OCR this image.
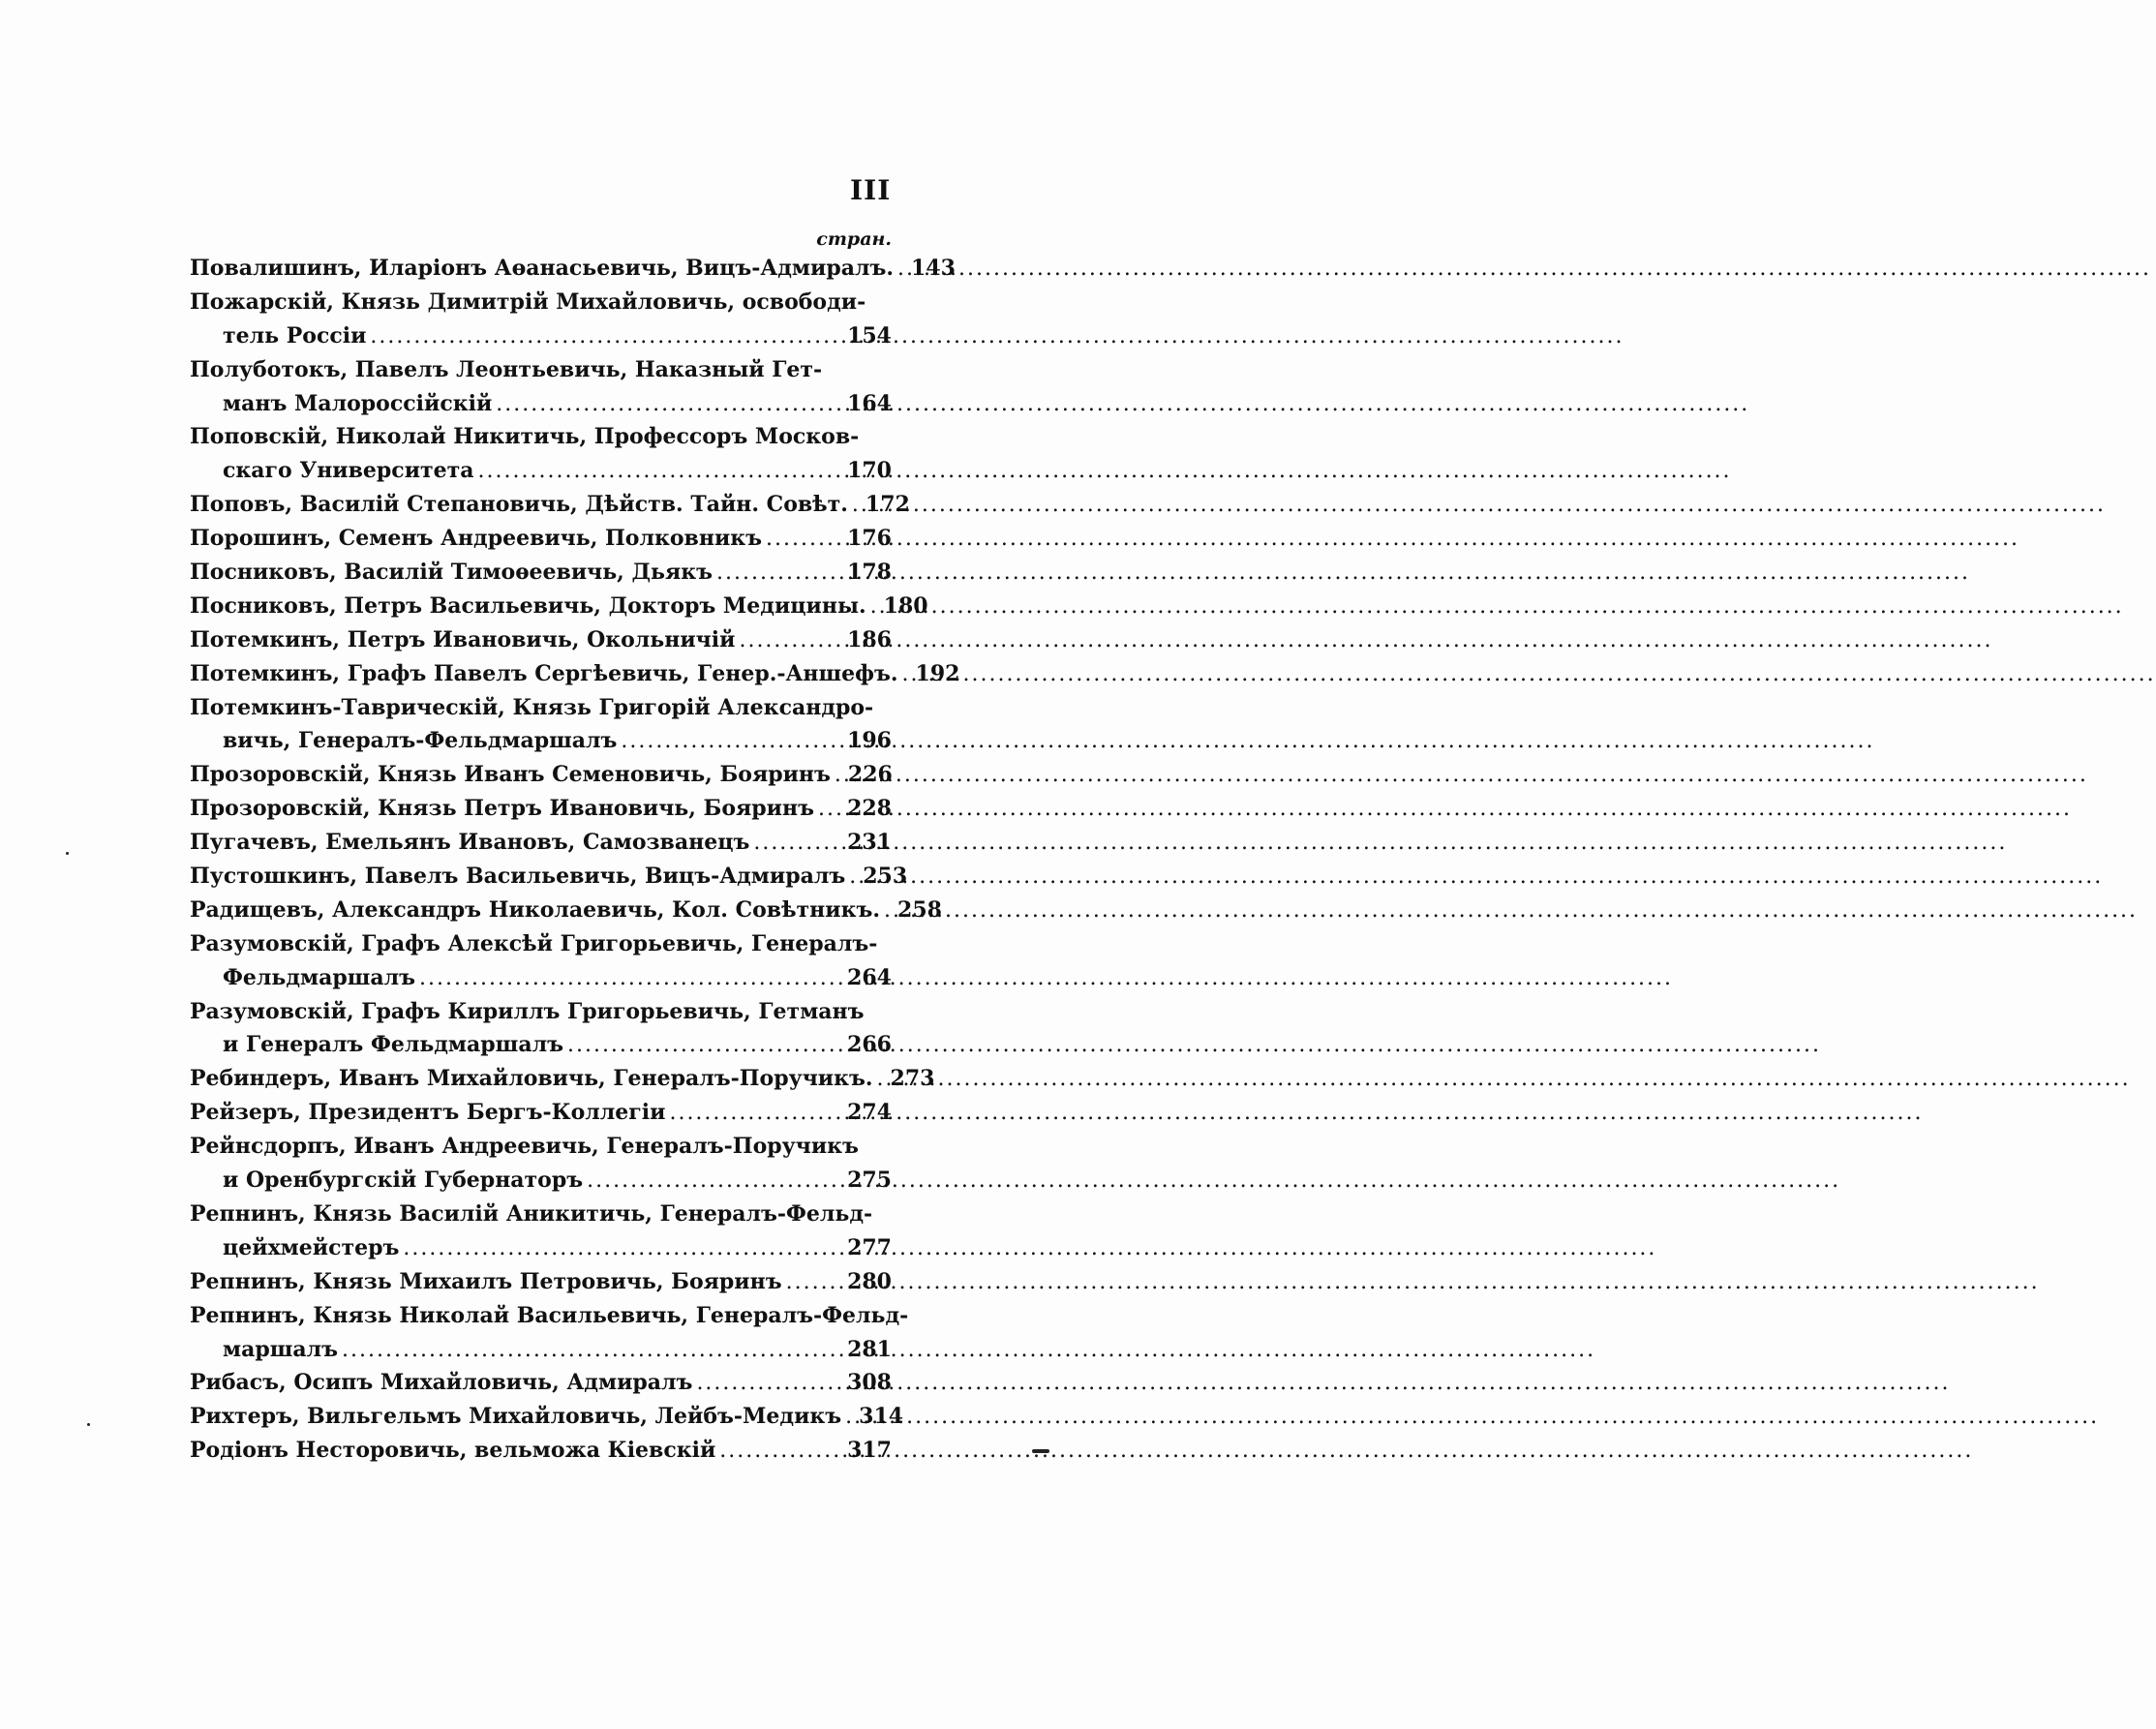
III
стран.
Повалишинъ, Иларіонъ Аөанасьевичь, Вицъ-Адмиралъ. ..... 143
Пожарскій, Князь Димитрій Михайловичь, освободи-
тель Россіи .....	154
Полуботокъ, Павелъ Леонтьевичь, Наказный Гет-
манъ Малороссійскій .....	164
Поповскій, Николай Никитичь, Профессоръ Москов-
скаго Университета .....	170
Поповъ, Василій Степановичь, Дѣйств. Тайн. Совѣт. ..... 172
Порошинъ, Семенъ Андреевичь, Полковникъ .....	176
Посниковъ, Василій Тимоѳеевичь, Дьякъ .....	178
Посниковъ, Петръ Васильевичь, Докторъ Медицины. ..... 180
Потемкинъ, Петръ Ивановичь, Окольничій .....	186
Потемкинъ, Графъ Павелъ Сергѣевичь, Генер.-Аншефъ. ..... 192
Потемкинъ-Таврическій, Князь Григорій Александро-
вичь, Генералъ-Фельдмаршалъ .....	196
Прозоровскій, Князь Иванъ Семеновичь, Бояринъ ..... 226
Прозоровскій, Князь Петръ Ивановичь, Бояринъ ..... 228
Пугачевъ, Емельянъ Ивановъ, Самозванецъ .....	231
Пустошкинъ, Павелъ Васильевичь, Вицъ-Адмиралъ ..... 253
Радищевъ, Александръ Николаевичь, Кол. Совѣтникъ. ..... 258
Разумовскій, Графъ Алексѣй Григорьевичь, Генералъ-
Фельдмаршалъ .....	264
Разумовскій, Графъ Кириллъ Григорьевичь, Гетманъ
и Генералъ Фельдмаршалъ .....	266
Ребиндеръ, Иванъ Михайловичь, Генералъ-Поручикъ. ..... 273
Рейзеръ, Президентъ Бергъ-Коллегіи .....	274
Рейнсдорпъ, Иванъ Андреевичь, Генералъ-Поручикъ
и Оренбургскій Губернаторъ .....	275
Репнинъ, Князь Василій Аникитичь, Генералъ-Фельд-
цейхмейстеръ .....	277
Репнинъ, Князь Михаилъ Петровичь, Бояринъ .....	280
Репнинъ, Князь Николай Васильевичь, Генералъ-Фельд-
маршалъ .....	281
Рибасъ, Осипъ Михайловичь, Адмиралъ .....	308
Рихтеръ, Вильгельмъ Михайловичь, Лейбъ-Медикъ ..... 314
Родіонъ Несторовичь, вельможа Кіевскій .....	317
